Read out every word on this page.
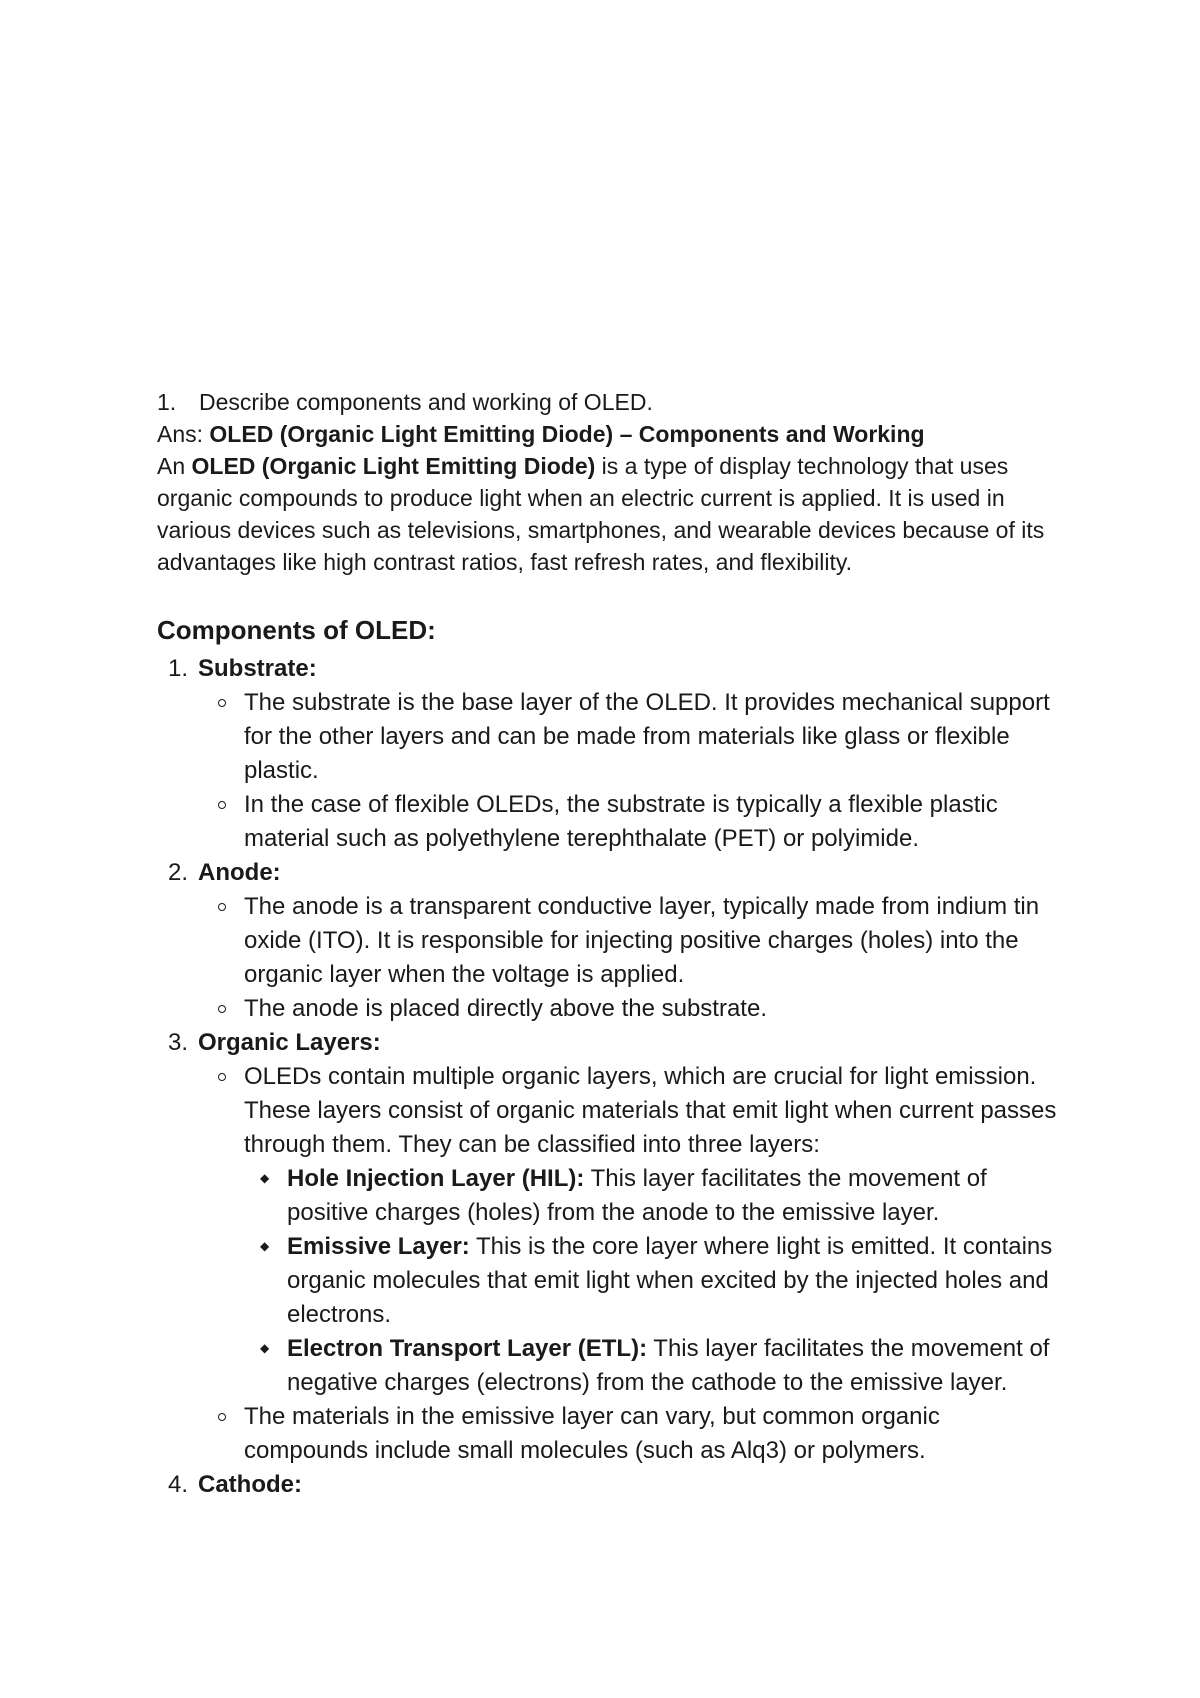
1. Describe components and working of OLED.

Ans: OLED (Organic Light Emitting Diode) – Components and Working

An OLED (Organic Light Emitting Diode) is a type of display technology that uses organic compounds to produce light when an electric current is applied. It is used in various devices such as televisions, smartphones, and wearable devices because of its advantages like high contrast ratios, fast refresh rates, and flexibility.

Components of OLED:
1. Substrate:
The substrate is the base layer of the OLED. It provides mechanical support for the other layers and can be made from materials like glass or flexible plastic.
In the case of flexible OLEDs, the substrate is typically a flexible plastic material such as polyethylene terephthalate (PET) or polyimide.
2. Anode:
The anode is a transparent conductive layer, typically made from indium tin oxide (ITO). It is responsible for injecting positive charges (holes) into the organic layer when the voltage is applied.
The anode is placed directly above the substrate.
3. Organic Layers:
OLEDs contain multiple organic layers, which are crucial for light emission. These layers consist of organic materials that emit light when current passes through them. They can be classified into three layers:
◆ Hole Injection Layer (HIL): This layer facilitates the movement of positive charges (holes) from the anode to the emissive layer.
◆ Emissive Layer: This is the core layer where light is emitted. It contains organic molecules that emit light when excited by the injected holes and electrons.
◆ Electron Transport Layer (ETL): This layer facilitates the movement of negative charges (electrons) from the cathode to the emissive layer.
The materials in the emissive layer can vary, but common organic compounds include small molecules (such as Alq3) or polymers.
4. Cathode:
